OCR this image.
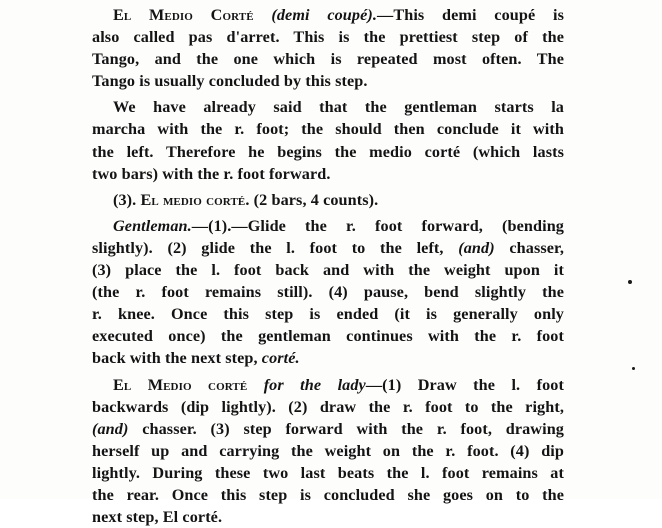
El Medio Corté (demi coupé).—This demi coupé is
also called pas d'arret. This is the prettiest step of the
Tango, and the one which is repeated most often. The
Tango is usually concluded by this step.
We have already said that the gentleman starts la
marcha with the r. foot; the should then conclude it with
the left. Therefore he begins the medio corté (which lasts
two bars) with the r. foot forward.
(3). El medio corté. (2 bars, 4 counts).
Gentleman.—(1).—Glide the r. foot forward, (bending
slightly). (2) glide the l. foot to the left, (and) chasser,
(3) place the l. foot back and with the weight upon it
(the r. foot remains still). (4) pause, bend slightly the
r. knee. Once this step is ended (it is generally only
executed once) the gentleman continues with the r. foot
back with the next step, corté.
El Medio corté for the lady—(1) Draw the l. foot
backwards (dip lightly). (2) draw the r. foot to the right,
(and) chasser. (3) step forward with the r. foot, drawing
herself up and carrying the weight on the r. foot. (4) dip
lightly. During these two last beats the l. foot remains at
the rear. Once this step is concluded she goes on to the
next step, El corté.
